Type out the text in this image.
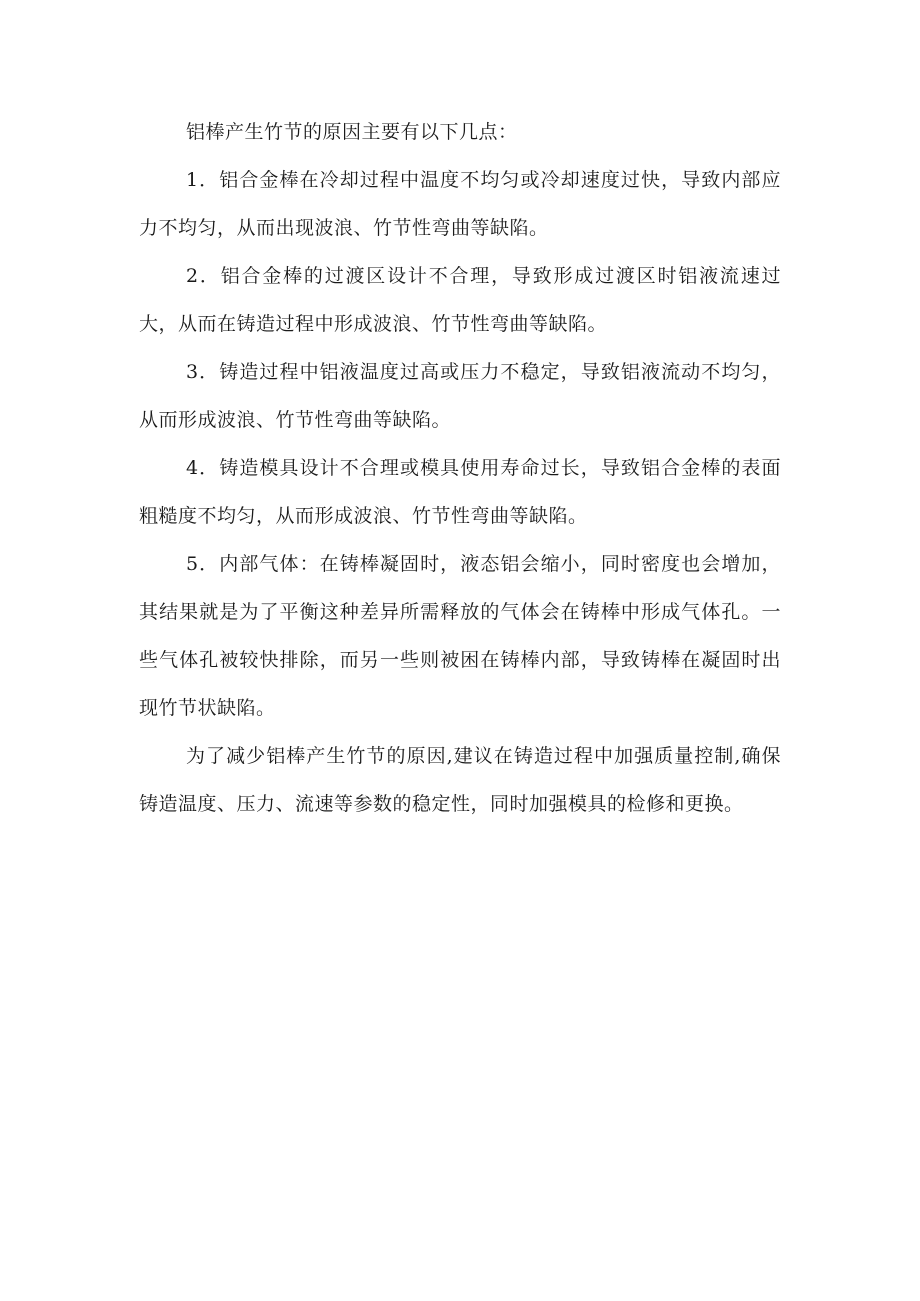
铝棒产生竹节的原因主要有以下几点：

1．铝合金棒在冷却过程中温度不均匀或冷却速度过快，导致内部应力不均匀，从而出现波浪、竹节性弯曲等缺陷。

2．铝合金棒的过渡区设计不合理，导致形成过渡区时铝液流速过大，从而在铸造过程中形成波浪、竹节性弯曲等缺陷。

3．铸造过程中铝液温度过高或压力不稳定，导致铝液流动不均匀，从而形成波浪、竹节性弯曲等缺陷。

4．铸造模具设计不合理或模具使用寿命过长，导致铝合金棒的表面粗糙度不均匀，从而形成波浪、竹节性弯曲等缺陷。

5．内部气体：在铸棒凝固时，液态铝会缩小，同时密度也会增加，其结果就是为了平衡这种差异所需释放的气体会在铸棒中形成气体孔。一些气体孔被较快排除，而另一些则被困在铸棒内部，导致铸棒在凝固时出现竹节状缺陷。

为了减少铝棒产生竹节的原因,建议在铸造过程中加强质量控制,确保铸造温度、压力、流速等参数的稳定性，同时加强模具的检修和更换。
